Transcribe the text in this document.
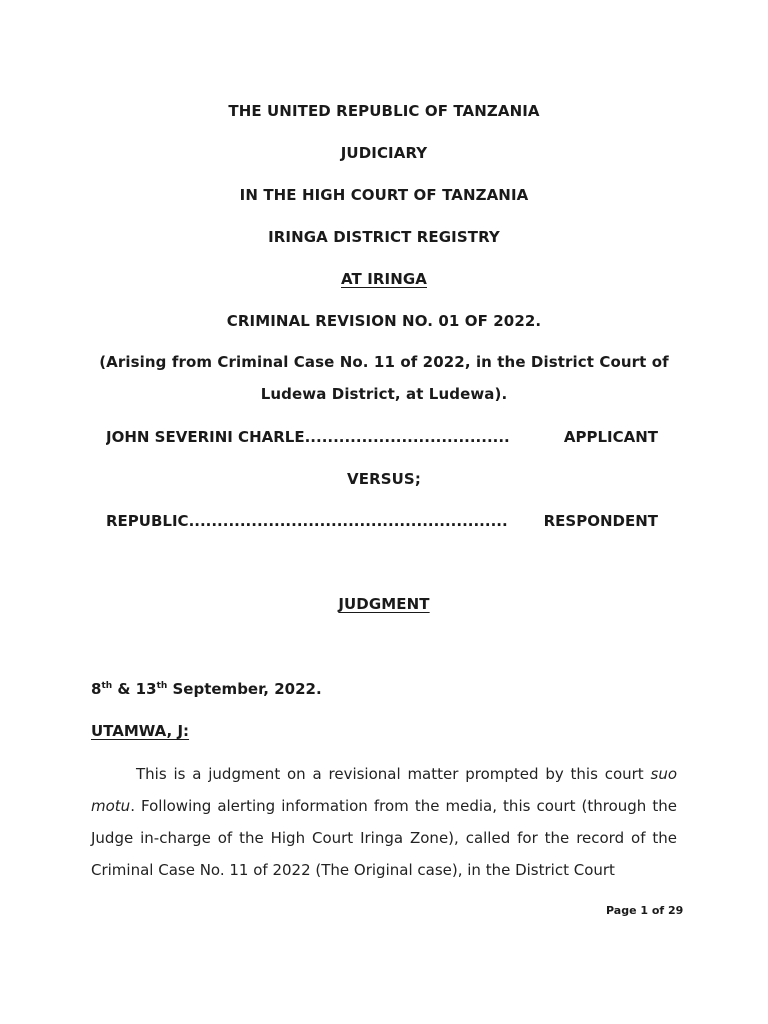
THE UNITED REPUBLIC OF TANZANIA
JUDICIARY
IN THE HIGH COURT OF TANZANIA
IRINGA DISTRICT REGISTRY
AT IRINGA
CRIMINAL REVISION NO. 01 OF 2022.
(Arising from Criminal Case No. 11 of 2022, in the District Court of
Ludewa District, at Ludewa).
JOHN SEVERINI CHARLE ....................................	APPLICANT
VERSUS;
REPUBLIC ........................................................	RESPONDENT
JUDGMENT
8th & 13th September, 2022.
UTAMWA, J:
This is a judgment on a revisional matter prompted by this court suo motu. Following alerting information from the media, this court (through the Judge in-charge of the High Court Iringa Zone), called for the record of the Criminal Case No. 11 of 2022 (The Original case), in the District Court
Page 1 of 29
